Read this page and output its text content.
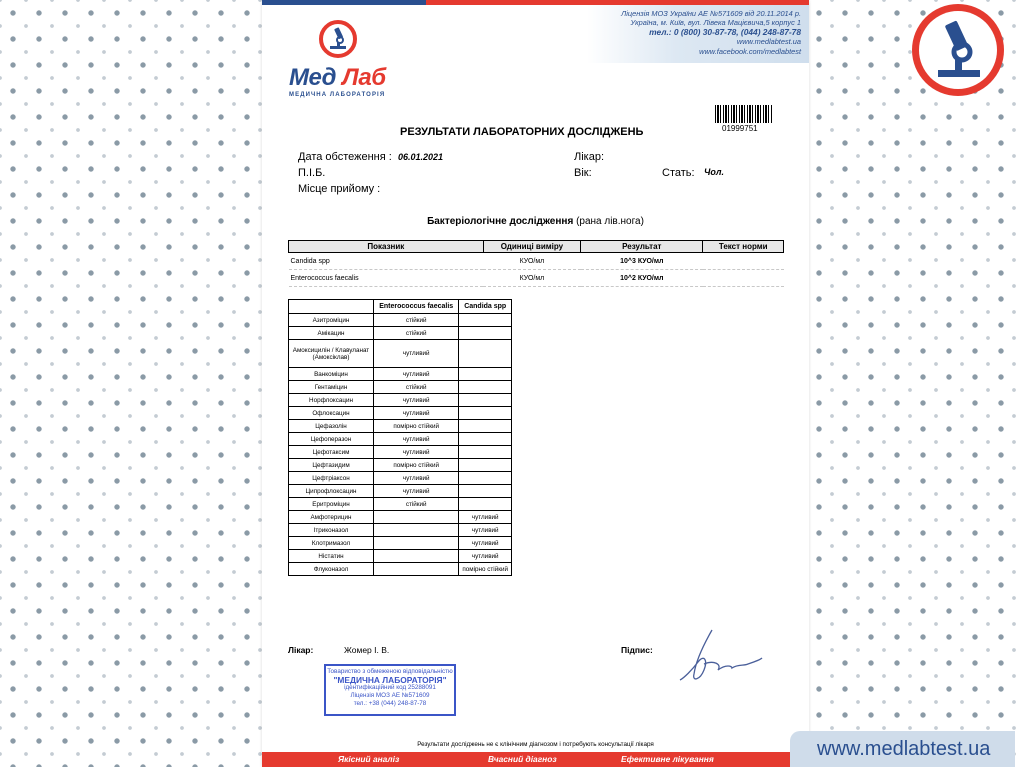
Ліцензія МОЗ України АЕ №571609 від 20.11.2014 р.
Україна, м. Київ, вул. Лівека Мацієвича,5 корпус 1
тел.: 0 (800) 30-87-78, (044) 248-87-78
www.medlabtest.ua
www.facebook.com/medlabtest
Мед Лаб
МЕДИЧНА ЛАБОРАТОРІЯ
01999751
РЕЗУЛЬТАТИ ЛАБОРАТОРНИХ ДОСЛІДЖЕНЬ
Дата обстеження : 06.01.2021
П.І.Б.
Місце прийому :
Лікар:
Вік:	Стать: Чол.
Бактеріологічне дослідження (рана лів.нога)
Показник	Одиниці виміру	Результат	Текст норми
Candida spp	КУО/мл	10^3 КУО/мл	
Enterococcus faecalis	КУО/мл	10^2 КУО/мл	
	Enterococcus faecalis	Candida spp
Азитроміцин	стійкий	
Амікацин	стійкий	
Амоксицилін / Клавуланат (Амоксіклав)	чутливий	
Ванкоміцин	чутливий	
Гентаміцин	стійкий	
Норфлоксацин	чутливий	
Офлоксацин	чутливий	
Цефазолін	помірно стійкий	
Цефоперазон	чутливий	
Цефотаксим	чутливий	
Цефтазидим	помірно стійкий	
Цефтріаксон	чутливий	
Ципрофлоксацин	чутливий	
Еритроміцин	стійкий	
Амфотерицин		чутливий
Ітриконазол		чутливий
Клотримазол		чутливий
Ністатин		чутливий
Флуконазол		помірно стійкий
Лікар:	Жомер І. В.	Підпис:
Товариство з обмеженою відповідальністю
"МЕДИЧНА ЛАБОРАТОРІЯ"
ідентифікаційний код 25288091
Ліцензія МОЗ АЕ №571609
тел.: +38 (044) 248-87-78
Результати досліджень не є клінічним діагнозом і потребують консультації лікаря
Якісний аналіз	Вчасний діагноз	Ефективне лікування	www.medlabtest.ua
